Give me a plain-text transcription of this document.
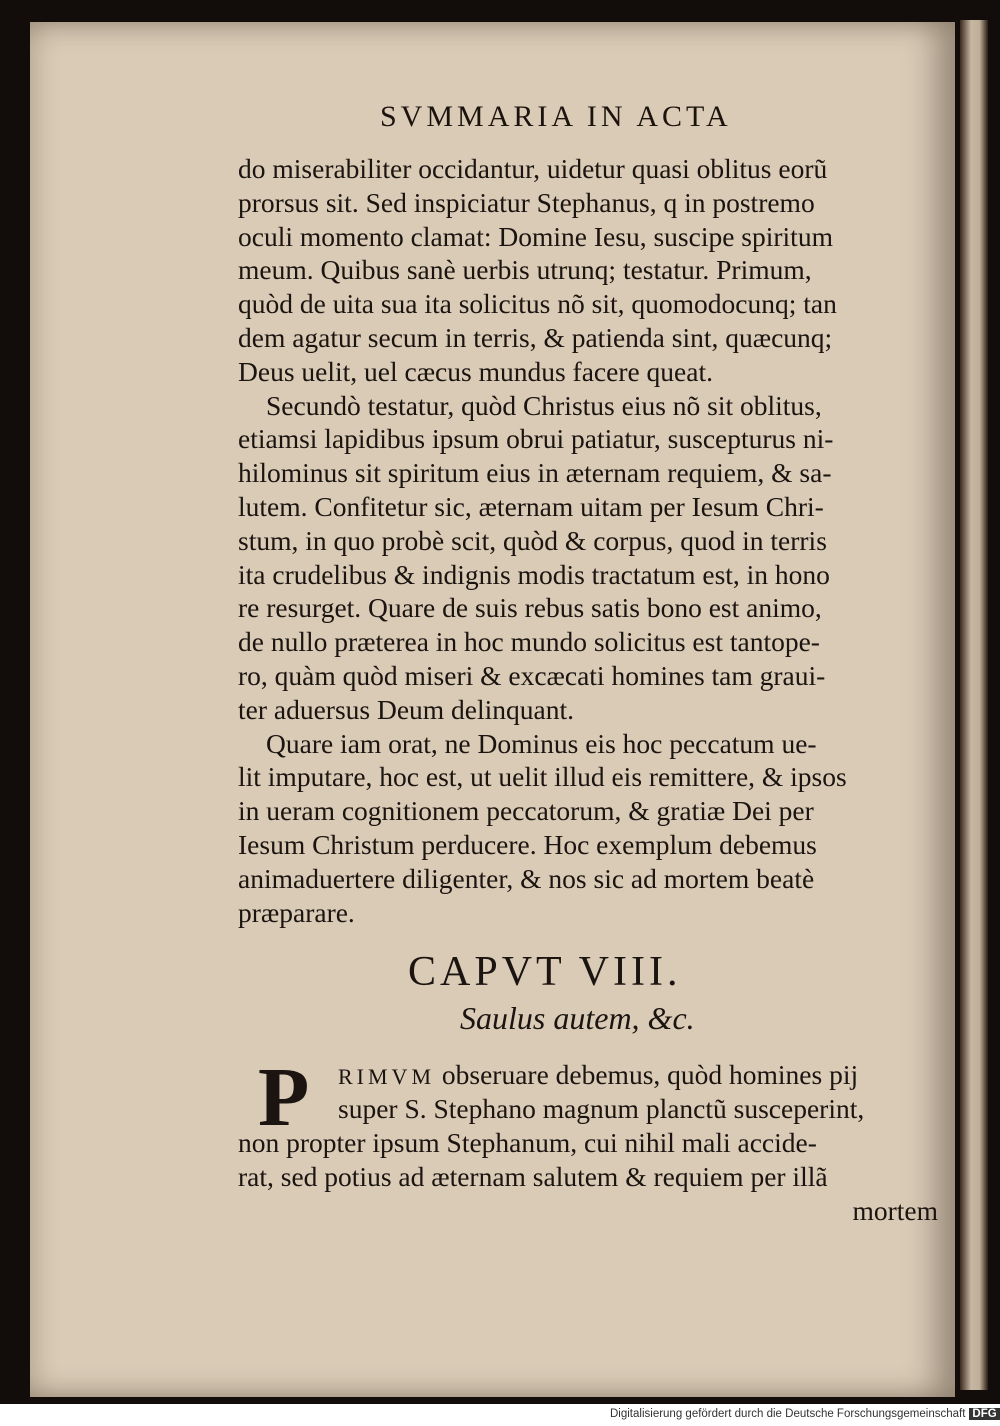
SVMMARIA IN ACTA

do miserabiliter occidantur, uidetur quasi oblitus eorũ
prorsus sit. Sed inspiciatur Stephanus, q in postremo
oculi momento clamat: Domine Iesu, suscipe spiritum
meum. Quibus sanè uerbis utrunq; testatur. Primum,
quòd de uita sua ita solicitus nõ sit, quomodocunq; tan
dem agatur secum in terris, & patienda sint, quæcunq;
Deus uelit, uel cæcus mundus facere queat.

Secundò testatur, quòd Christus eius nõ sit oblitus,
etiamsi lapidibus ipsum obrui patiatur, suscepturus ni-
hilominus sit spiritum eius in æternam requiem, & sa-
lutem. Confitetur sic, æternam uitam per Iesum Chri-
stum, in quo probè scit, quòd & corpus, quod in terris
ita crudelibus & indignis modis tractatum est, in hono
re resurget. Quare de suis rebus satis bono est animo,
de nullo præterea in hoc mundo solicitus est tantope-
ro, quàm quòd miseri & excæcati homines tam graui-
ter aduersus Deum delinquant.

Quare iam orat, ne Dominus eis hoc peccatum ue-
lit imputare, hoc est, ut uelit illud eis remittere, & ipsos
in ueram cognitionem peccatorum, & gratiæ Dei per
Iesum Christum perducere. Hoc exemplum debemus
animaduertere diligenter, & nos sic ad mortem beatè
præparare.

CAPVT VIII.
Saulus autem, &c.
P	RIMVM obseruare debemus, quòd homines pij
super S. Stephano magnum planctũ susceperint,
non propter ipsum Stephanum, cui nihil mali accide-
rat, sed potius ad æternam salutem & requiem per illã
mortem
Digitalisierung gefördert durch die Deutsche Forschungsgemeinschaft DFG
